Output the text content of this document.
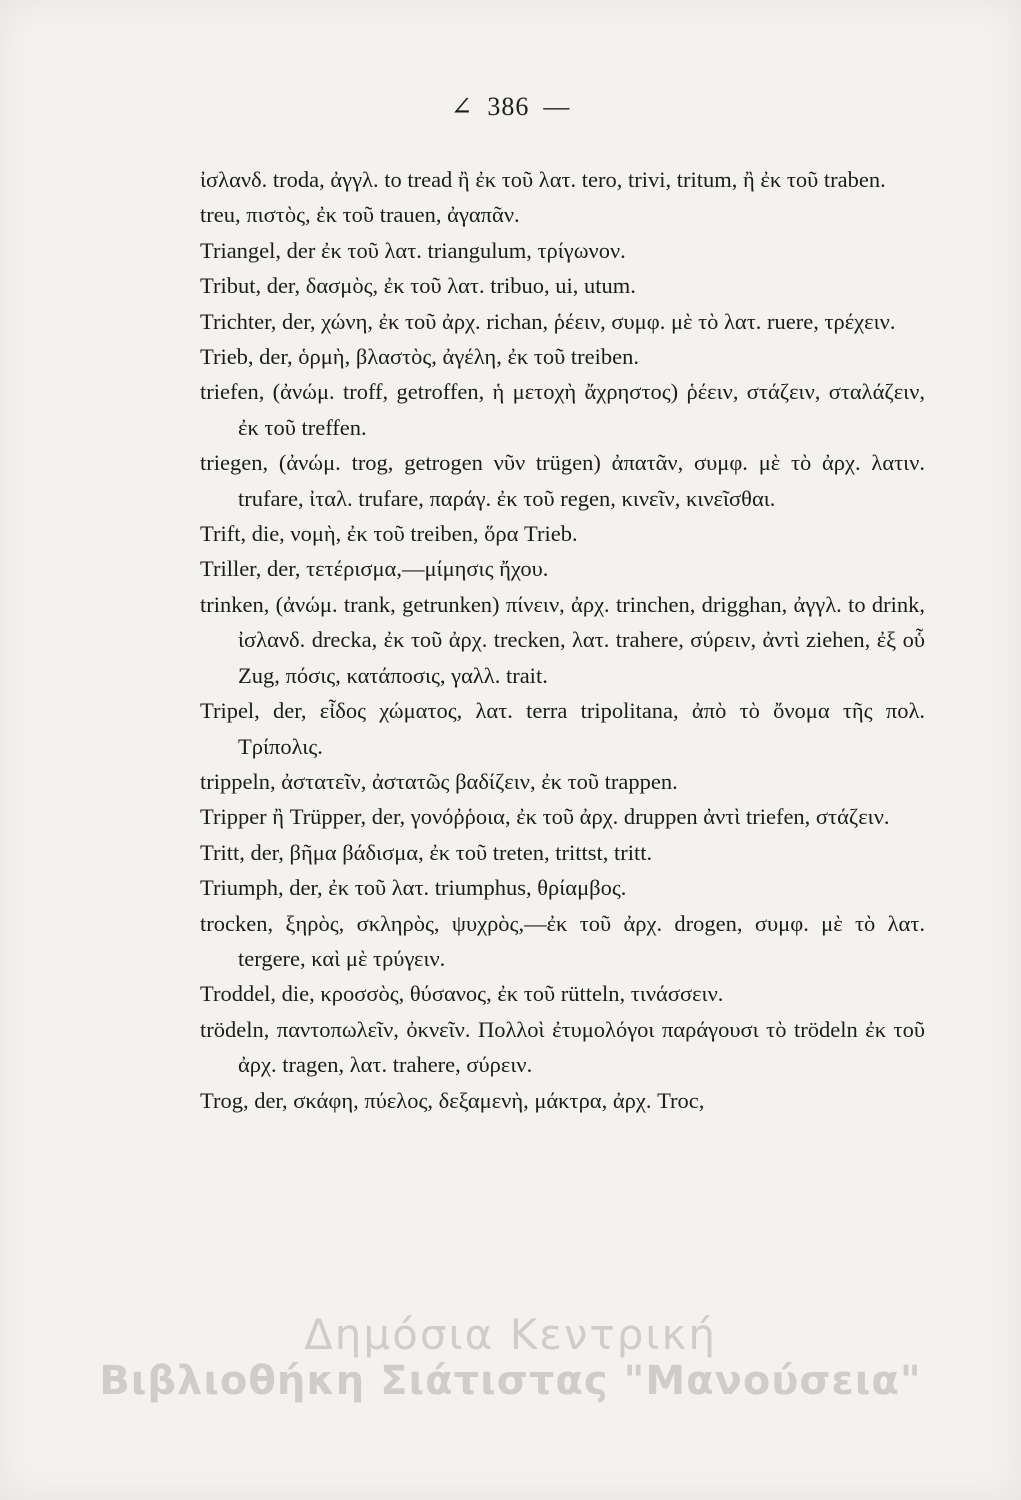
∠ 386 —
ἰσλανδ. troda, ἀγγλ. to tread ἢ ἐκ τοῦ λατ. tero, trivi, tritum, ἢ ἐκ τοῦ traben.
treu, πιστὸς, ἐκ τοῦ trauen, ἀγαπᾶν.
Triangel, der ἐκ τοῦ λατ. triangulum, τρίγωνον.
Tribut, der, δασμὸς, ἐκ τοῦ λατ. tribuo, ui, utum.
Trichter, der, χώνη, ἐκ τοῦ ἀρχ. richan, ῥέειν, συμφ. μὲ τὸ λατ. ruere, τρέχειν.
Trieb, der, ὁρμὴ, βλαστὸς, ἀγέλη, ἐκ τοῦ treiben.
triefen, (ἀνώμ. troff, getroffen, ἡ μετοχὴ ἄχρηστος) ῥέειν, στάζειν, σταλάζειν, ἐκ τοῦ treffen.
triegen, (ἀνώμ. trog, getrogen νῦν trügen) ἀπατᾶν, συμφ. μὲ τὸ ἀρχ. λατιν. trufare, ἰταλ. trufare, παράγ. ἐκ τοῦ regen, κινεῖν, κινεῖσθαι.
Trift, die, νομὴ, ἐκ τοῦ treiben, ὅρα Trieb.
Triller, der, τετέρισμα,—μίμησις ἤχου.
trinken, (ἀνώμ. trank, getrunken) πίνειν, ἀρχ. trinchen, drigghan, ἀγγλ. to drink, ἰσλανδ. drecka, ἐκ τοῦ ἀρχ. trecken, λατ. trahere, σύρειν, ἀντὶ ziehen, ἐξ οὗ Zug, πόσις, κατάποσις, γαλλ. trait.
Tripel, der, εἶδος χώματος, λατ. terra tripolitana, ἀπὸ τὸ ὄνομα τῆς πολ. Τρίπολις.
trippeln, ἀστατεῖν, ἀστατῶς βαδίζειν, ἐκ τοῦ trappen.
Tripper ἢ Trüpper, der, γονόῤῥοια, ἐκ τοῦ ἀρχ. druppen ἀντὶ triefen, στάζειν.
Tritt, der, βῆμα βάδισμα, ἐκ τοῦ treten, trittst, tritt.
Triumph, der, ἐκ τοῦ λατ. triumphus, θρίαμβος.
trocken, ξηρὸς, σκληρὸς, ψυχρὸς,—ἐκ τοῦ ἀρχ. drogen, συμφ. μὲ τὸ λατ. tergere, καὶ μὲ τρύγειν.
Troddel, die, κροσσὸς, θύσανος, ἐκ τοῦ rütteln, τινάσσειν.
trödeln, παντοπωλεῖν, ὀκνεῖν. Πολλοὶ ἐτυμολόγοι παράγουσι τὸ trödeln ἐκ τοῦ ἀρχ. tragen, λατ. trahere, σύρειν.
Trog, der, σκάφη, πύελος, δεξαμενὴ, μάκτρα, ἀρχ. Troc,
Δημόσια Κεντρική
Βιβλιοθήκη Σιάτιστας "Μανούσεια"
